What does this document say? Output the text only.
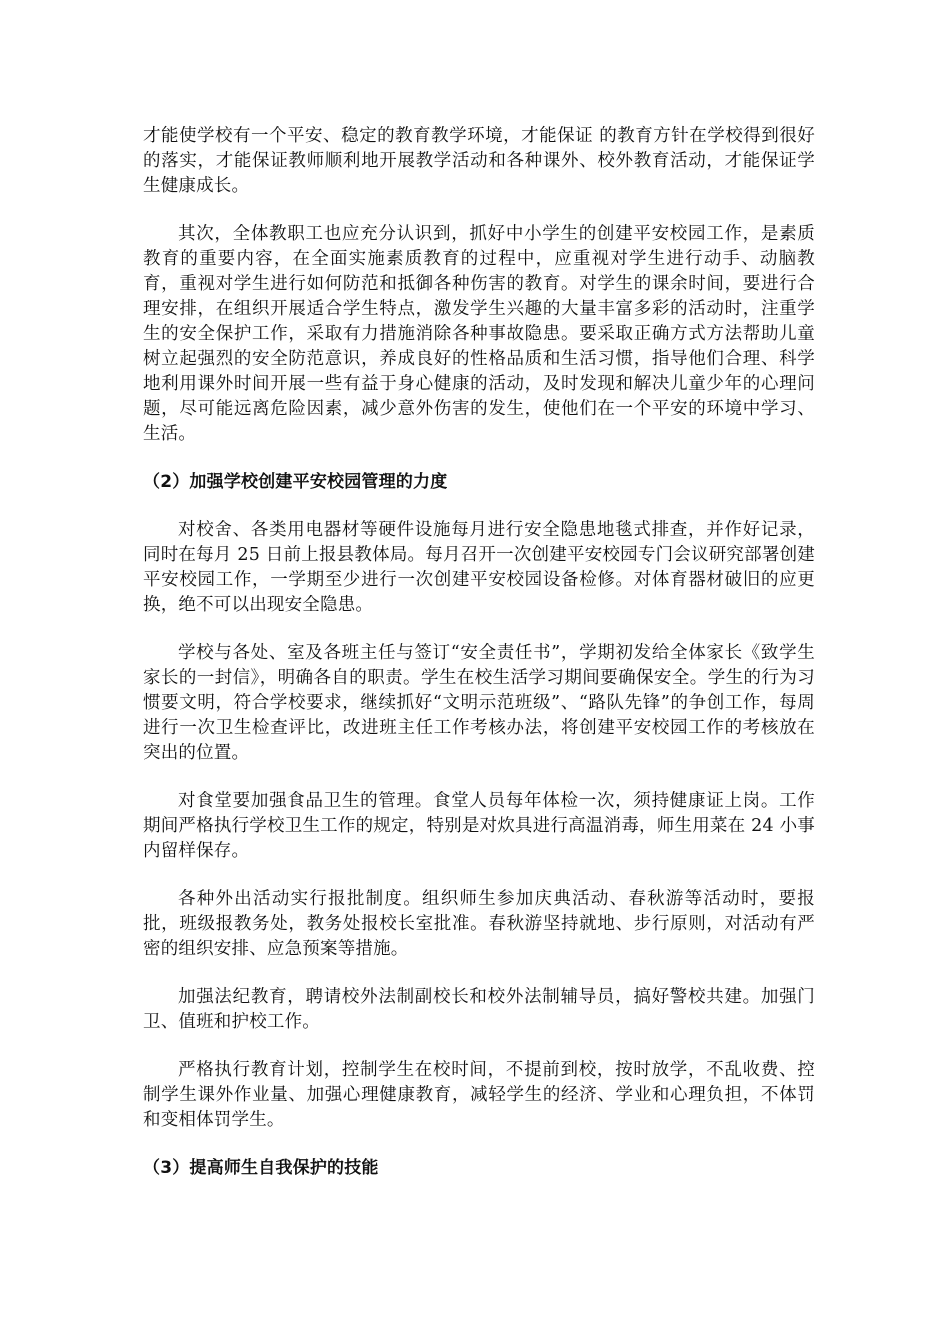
才能使学校有一个平安、稳定的教育教学环境，才能保证 的教育方针在学校得到很好的落实，才能保证教师顺利地开展教学活动和各种课外、校外教育活动，才能保证学生健康成长。

其次，全体教职工也应充分认识到，抓好中小学生的创建平安校园工作，是素质教育的重要内容，在全面实施素质教育的过程中，应重视对学生进行动手、动脑教育，重视对学生进行如何防范和抵御各种伤害的教育。对学生的课余时间，要进行合理安排，在组织开展适合学生特点，激发学生兴趣的大量丰富多彩的活动时，注重学生的安全保护工作，采取有力措施消除各种事故隐患。要采取正确方式方法帮助儿童树立起强烈的安全防范意识，养成良好的性格品质和生活习惯，指导他们合理、科学地利用课外时间开展一些有益于身心健康的活动，及时发现和解决儿童少年的心理问题，尽可能远离危险因素，减少意外伤害的发生，使他们在一个平安的环境中学习、生活。

（2）加强学校创建平安校园管理的力度

对校舍、各类用电器材等硬件设施每月进行安全隐患地毯式排查，并作好记录，同时在每月 25 日前上报县教体局。每月召开一次创建平安校园专门会议研究部署创建平安校园工作，一学期至少进行一次创建平安校园设备检修。对体育器材破旧的应更换，绝不可以出现安全隐患。

学校与各处、室及各班主任与签订“安全责任书”，学期初发给全体家长《致学生家长的一封信》，明确各自的职责。学生在校生活学习期间要确保安全。学生的行为习惯要文明，符合学校要求，继续抓好“文明示范班级”、“路队先锋”的争创工作，每周进行一次卫生检查评比，改进班主任工作考核办法，将创建平安校园工作的考核放在突出的位置。

对食堂要加强食品卫生的管理。食堂人员每年体检一次，须持健康证上岗。工作期间严格执行学校卫生工作的规定，特别是对炊具进行高温消毒，师生用菜在 24 小事内留样保存。

各种外出活动实行报批制度。组织师生参加庆典活动、春秋游等活动时，要报批，班级报教务处，教务处报校长室批准。春秋游坚持就地、步行原则，对活动有严密的组织安排、应急预案等措施。

加强法纪教育，聘请校外法制副校长和校外法制辅导员，搞好警校共建。加强门卫、值班和护校工作。

严格执行教育计划，控制学生在校时间，不提前到校，按时放学，不乱收费、控制学生课外作业量、加强心理健康教育，减轻学生的经济、学业和心理负担，不体罚和变相体罚学生。

（3）提高师生自我保护的技能
